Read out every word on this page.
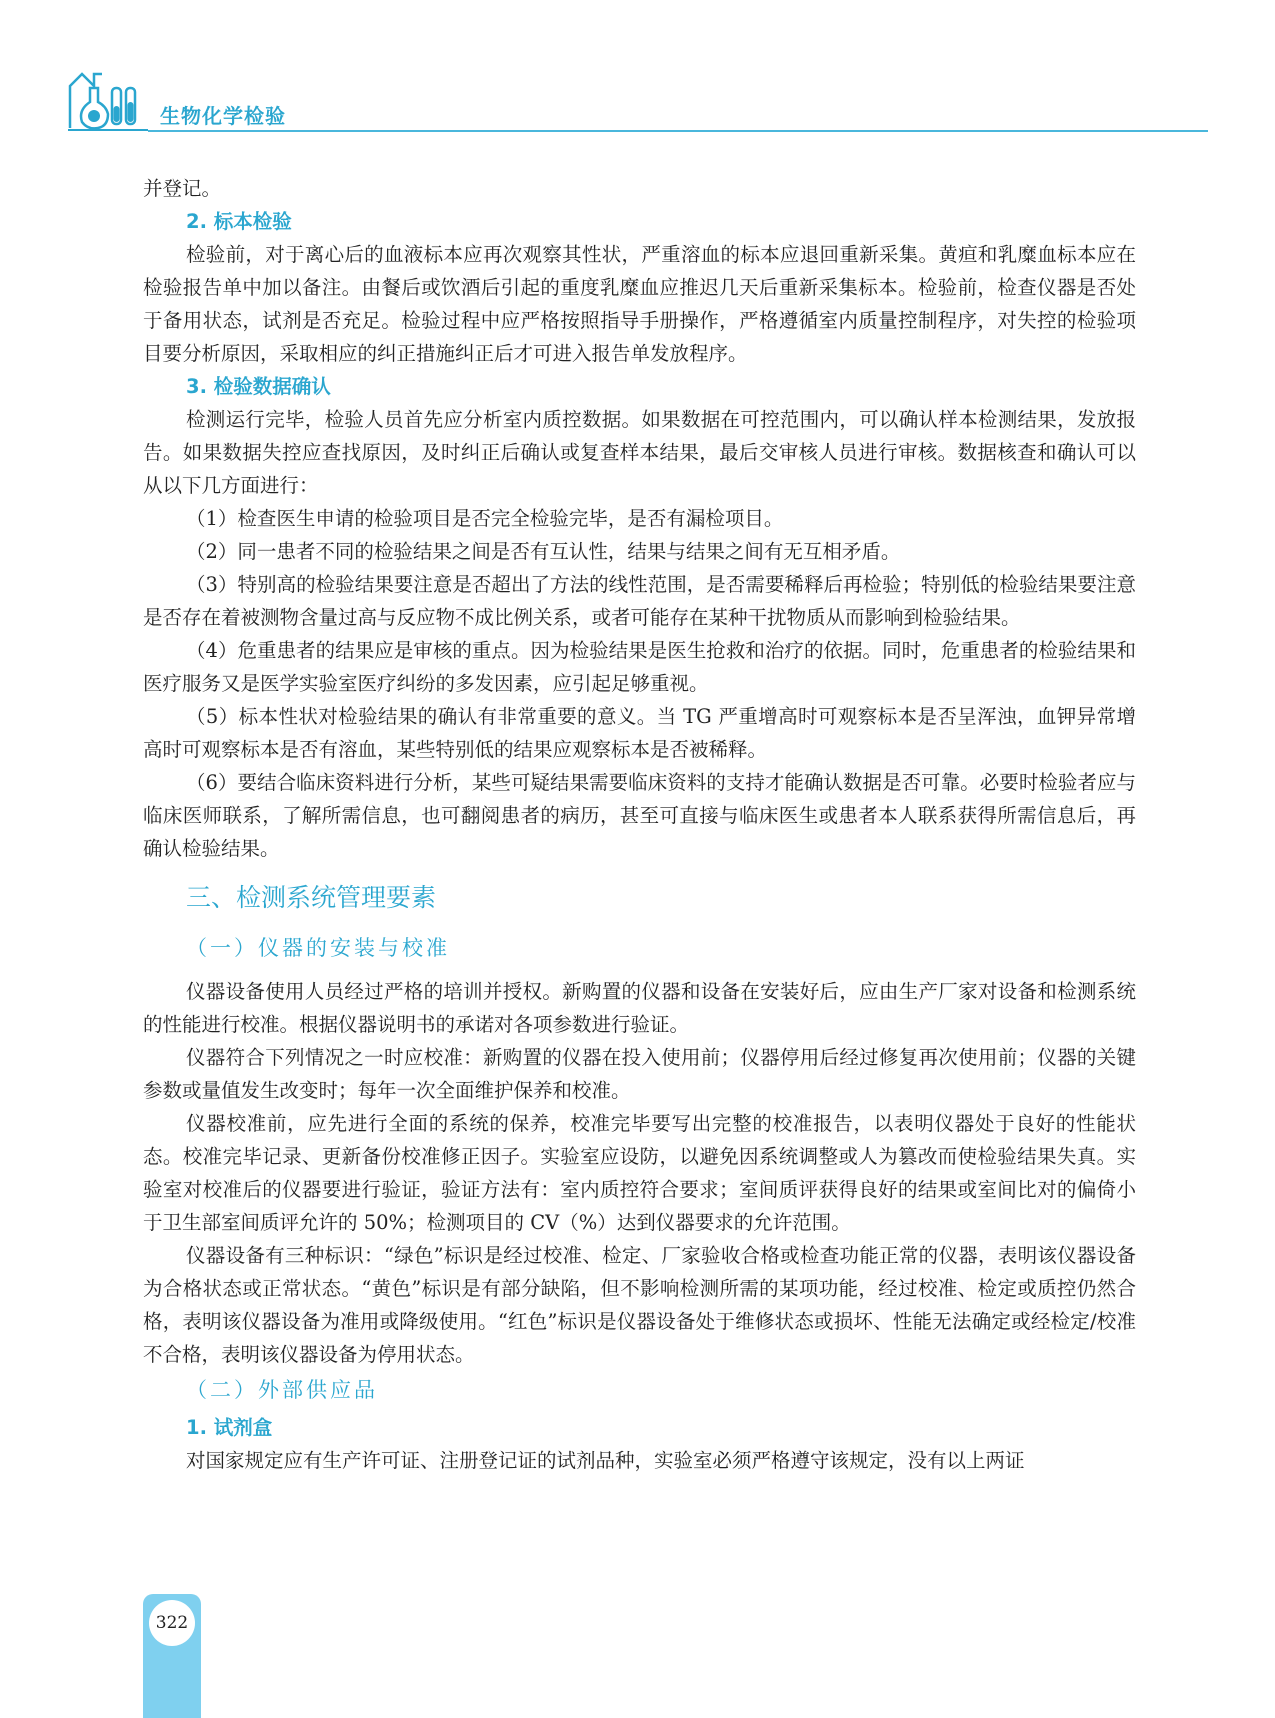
生物化学检验
并登记。
2. 标本检验
检验前，对于离心后的血液标本应再次观察其性状，严重溶血的标本应退回重新采集。黄疸和乳糜血标本应在检验报告单中加以备注。由餐后或饮酒后引起的重度乳糜血应推迟几天后重新采集标本。检验前，检查仪器是否处于备用状态，试剂是否充足。检验过程中应严格按照指导手册操作，严格遵循室内质量控制程序，对失控的检验项目要分析原因，采取相应的纠正措施纠正后才可进入报告单发放程序。
3. 检验数据确认
检测运行完毕，检验人员首先应分析室内质控数据。如果数据在可控范围内，可以确认样本检测结果，发放报告。如果数据失控应查找原因，及时纠正后确认或复查样本结果，最后交审核人员进行审核。数据核查和确认可以从以下几方面进行：
（1）检查医生申请的检验项目是否完全检验完毕，是否有漏检项目。
（2）同一患者不同的检验结果之间是否有互认性，结果与结果之间有无互相矛盾。
（3）特别高的检验结果要注意是否超出了方法的线性范围，是否需要稀释后再检验；特别低的检验结果要注意是否存在着被测物含量过高与反应物不成比例关系，或者可能存在某种干扰物质从而影响到检验结果。
（4）危重患者的结果应是审核的重点。因为检验结果是医生抢救和治疗的依据。同时，危重患者的检验结果和医疗服务又是医学实验室医疗纠纷的多发因素，应引起足够重视。
（5）标本性状对检验结果的确认有非常重要的意义。当 TG 严重增高时可观察标本是否呈浑浊，血钾异常增高时可观察标本是否有溶血，某些特别低的结果应观察标本是否被稀释。
（6）要结合临床资料进行分析，某些可疑结果需要临床资料的支持才能确认数据是否可靠。必要时检验者应与临床医师联系，了解所需信息，也可翻阅患者的病历，甚至可直接与临床医生或患者本人联系获得所需信息后，再确认检验结果。
三、检测系统管理要素
（一）仪器的安装与校准
仪器设备使用人员经过严格的培训并授权。新购置的仪器和设备在安装好后，应由生产厂家对设备和检测系统的性能进行校准。根据仪器说明书的承诺对各项参数进行验证。
仪器符合下列情况之一时应校准：新购置的仪器在投入使用前；仪器停用后经过修复再次使用前；仪器的关键参数或量值发生改变时；每年一次全面维护保养和校准。
仪器校准前，应先进行全面的系统的保养，校准完毕要写出完整的校准报告，以表明仪器处于良好的性能状态。校准完毕记录、更新备份校准修正因子。实验室应设防，以避免因系统调整或人为篡改而使检验结果失真。实验室对校准后的仪器要进行验证，验证方法有：室内质控符合要求；室间质评获得良好的结果或室间比对的偏倚小于卫生部室间质评允许的 50%；检测项目的 CV（%）达到仪器要求的允许范围。
仪器设备有三种标识：“绿色”标识是经过校准、检定、厂家验收合格或检查功能正常的仪器，表明该仪器设备为合格状态或正常状态。“黄色”标识是有部分缺陷，但不影响检测所需的某项功能，经过校准、检定或质控仍然合格，表明该仪器设备为准用或降级使用。“红色”标识是仪器设备处于维修状态或损坏、性能无法确定或经检定/校准不合格，表明该仪器设备为停用状态。
（二）外部供应品
1. 试剂盒
对国家规定应有生产许可证、注册登记证的试剂品种，实验室必须严格遵守该规定，没有以上两证
322
